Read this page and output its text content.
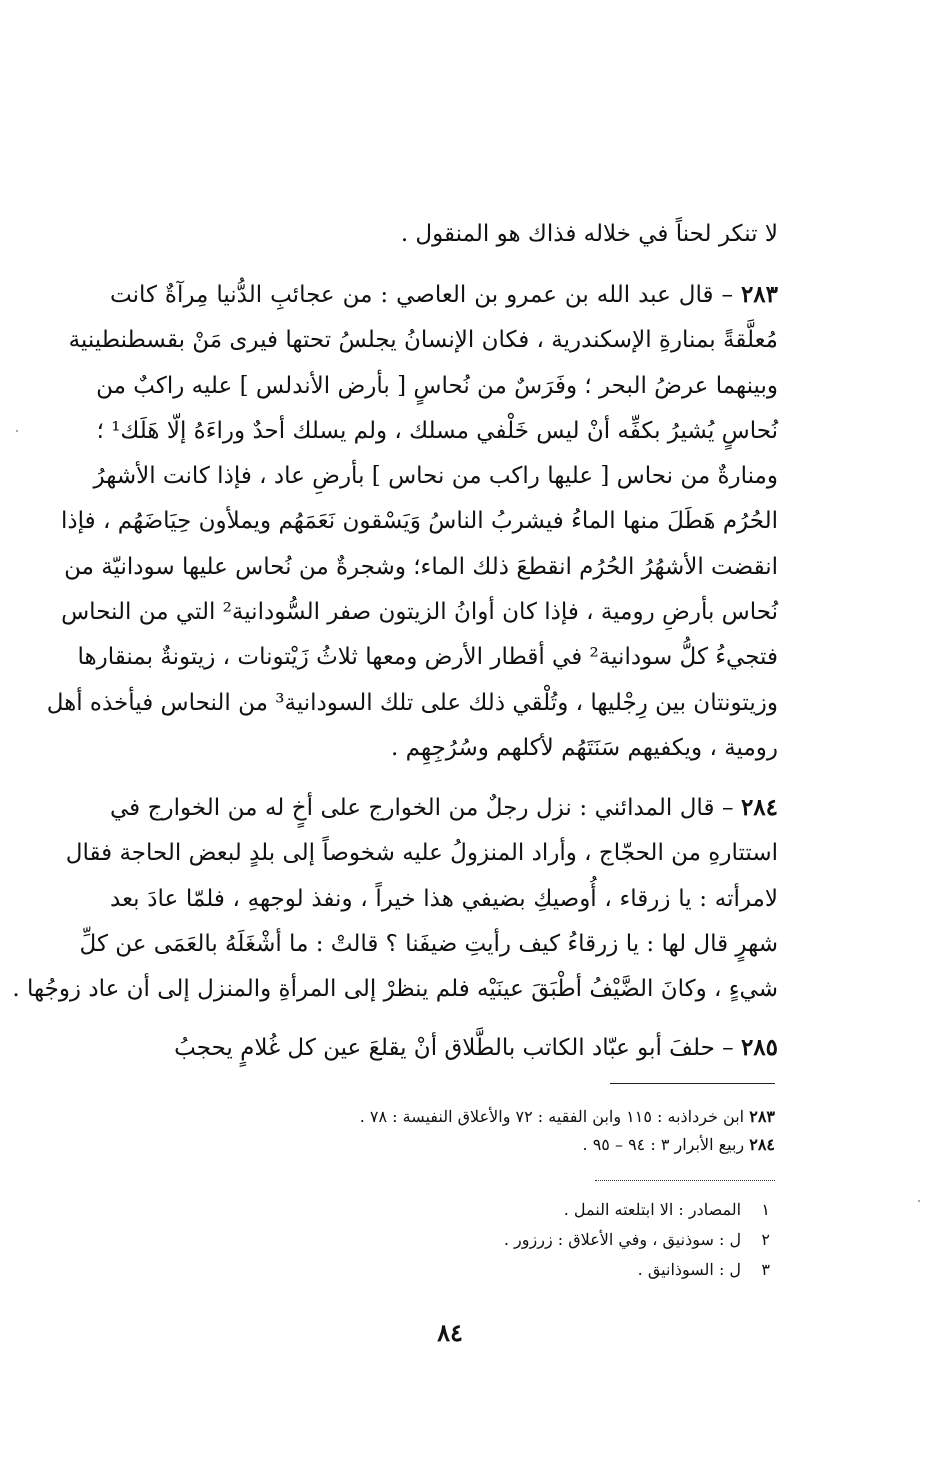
لا تنكر لحناً في خلاله فذاك هو المنقول .
٢٨٣ – قال عبد الله بن عمرو بن العاصي : من عجائبِ الدُّنيا مِرآةٌ كانت
مُعلَّقةً بمنارةِ الإسكندرية ، فكان الإنسانُ يجلسُ تحتها فيرى مَنْ بقسطنطينية
وبينهما عرضُ البحر ؛ وفَرَسٌ من نُحاسٍ [ بأرض الأندلس ] عليه راكبٌ من
نُحاسٍ يُشيرُ بكفِّه أنْ ليس خَلْفي مسلك ، ولم يسلك أحدٌ وراءَهُ إلّا هَلَك¹ ؛
ومنارةٌ من نحاس [ عليها راكب من نحاس ] بأرضِ عاد ، فإذا كانت الأشهرُ
الحُرُم هَطَلَ منها الماءُ فيشربُ الناسُ وَيَسْقون نَعَمَهُم ويملأون حِيَاضَهُم ، فإذا
انقضت الأشهُرُ الحُرُم انقطعَ ذلك الماء؛ وشجرةٌ من نُحاس عليها سودانيّة من
نُحاس بأرضِ رومية ، فإذا كان أوانُ الزيتون صفر السُّودانية² التي من النحاس
فتجيءُ كلُّ سودانية² في أقطار الأرض ومعها ثلاثُ زَيْتونات ، زيتونةٌ بمنقارها
وزيتونتان بين رِجْليها ، وتُلْقي ذلك على تلك السودانية³ من النحاس فيأخذه أهل
رومية ، ويكفيهم سَنَتَهُم لأكلهم وسُرُجِهِم .
٢٨٤ – قال المدائني : نزل رجلٌ من الخوارج على أخٍ له من الخوارج في
استتارهِ من الحجّاج ، وأراد المنزولُ عليه شخوصاً إلى بلدٍ لبعض الحاجة فقال
لامرأته : يا زرقاء ، أُوصيكِ بضيفي هذا خيراً ، ونفذ لوجههِ ، فلمّا عادَ بعد
شهرٍ قال لها : يا زرقاءُ كيف رأيتِ ضيفَنا ؟ قالتْ : ما أشْغَلَهُ بالعَمَى عن كلِّ
شيءٍ ، وكانَ الضَّيْفُ أطْبَقَ عينَيْه فلم ينظرْ إلى المرأةِ والمنزل إلى أن عاد زوجُها .
٢٨٥ – حلفَ أبو عبّاد الكاتب بالطَّلاق أنْ يقلعَ عين كل غُلامٍ يحجبُ
٢٨٣ ابن خرداذبه : ١١٥ وابن الفقيه : ٧٢ والأعلاق النفيسة : ٧٨ .
٢٨٤ ربيع الأبرار ٣ : ٩٤ – ٩٥ .
١    المصادر : الا ابتلعته النمل .
٢    ل : سوذنيق ، وفي الأعلاق : زرزور .
٣    ل : السوذانيق .
٨٤
